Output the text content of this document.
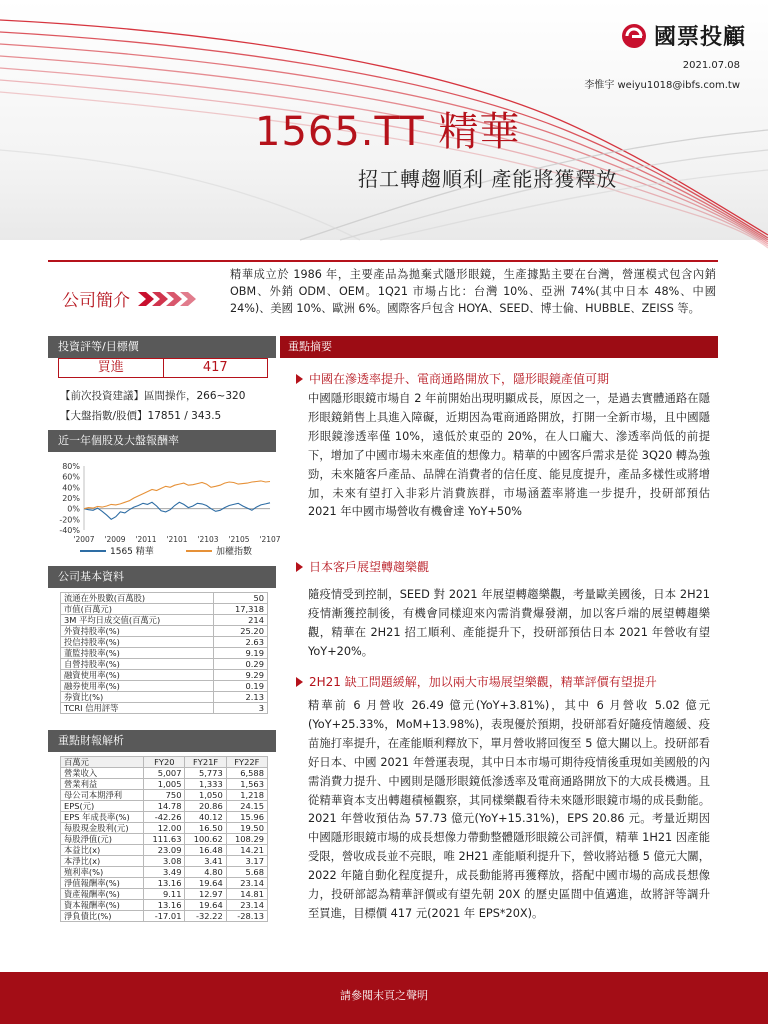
國票投顧
2021.07.08
李惟宇 weiyu1018@ibfs.com.tw
1565.TT 精華
招工轉趨順利 產能將獲釋放
公司簡介
精華成立於 1986 年，主要產品為拋棄式隱形眼鏡，生產據點主要在台灣，營運模式包含內銷 OBM、外銷 ODM、OEM。1Q21 市場占比：台灣 10%、亞洲 74%(其中日本 48%、中國 24%)、美國 10%、歐洲 6%。國際客戶包含 HOYA、SEED、博士倫、HUBBLE、ZEISS 等。
投資評等/目標價
買進	417
【前次投資建議】區間操作，266~320
【大盤指數/股價】17851 / 343.5
近一年個股及大盤報酬率
80%
60%
40%
20%
0%
-20%
-40%
'2007 '2009 '2011 '2101 '2103 '2105 '2107
1565 精華	加權指數
公司基本資料
流通在外股數(百萬股)	50
市值(百萬元)	17,318
3M 平均日成交值(百萬元)	214
外資持股率(%)	25.20
投信持股率(%)	2.63
董監持股率(%)	9.19
自營持股率(%)	0.29
融資使用率(%)	9.29
融券使用率(%)	0.19
券資比(%)	2.13
TCRI 信用評等	3
重點財報解析
百萬元	FY20	FY21F	FY22F
營業收入	5,007	5,773	6,588
營業利益	1,005	1,333	1,563
母公司本期淨利	750	1,050	1,218
EPS(元)	14.78	20.86	24.15
EPS 年成長率(%)	-42.26	40.12	15.96
每股現金股利(元)	12.00	16.50	19.50
每股淨值(元)	111.63	100.62	108.29
本益比(x)	23.09	16.48	14.21
本淨比(x)	3.08	3.41	3.17
殖利率(%)	3.49	4.80	5.68
淨值報酬率(%)	13.16	19.64	23.14
資產報酬率(%)	9.11	12.97	14.81
資本報酬率(%)	13.16	19.64	23.14
淨負債比(%)	-17.01	-32.22	-28.13
重點摘要
中國在滲透率提升、電商通路開放下，隱形眼鏡產值可期
中國隱形眼鏡市場自 2 年前開始出現明顯成長，原因之一，是過去實體通路在隱形眼鏡銷售上具進入障礙，近期因為電商通路開放，打開一全新市場，且中國隱形眼鏡滲透率僅 10%，遠低於東亞的 20%，在人口龐大、滲透率尚低的前提下，增加了中國市場未來產值的想像力。精華的中國客戶需求是從 3Q20 轉為強勁，未來隨客戶產品、品牌在消費者的信任度、能見度提升，產品多樣性或將增加，未來有望打入非彩片消費族群，市場涵蓋率將進一步提升，投研部預估 2021 年中國市場營收有機會達 YoY+50%
日本客戶展望轉趨樂觀
隨疫情受到控制，SEED 對 2021 年展望轉趨樂觀，考量歐美國後，日本 2H21 疫情漸獲控制後，有機會同樣迎來內需消費爆發潮，加以客戶端的展望轉趨樂觀，精華在 2H21 招工順利、產能提升下，投研部預估日本 2021 年營收有望 YoY+20%。
2H21 缺工問題緩解，加以兩大市場展望樂觀，精華評價有望提升
精華前 6 月營收 26.49 億元(YoY+3.81%)，其中 6 月營收 5.02 億元(YoY+25.33%，MoM+13.98%)，表現優於預期，投研部看好隨疫情趨緩、疫苗施打率提升，在產能順利釋放下，單月營收將回復至 5 億大關以上。投研部看好日本、中國 2021 年營運表現，其中日本市場可期待疫情後重現如美國般的內需消費力提升、中國則是隱形眼鏡低滲透率及電商通路開放下的大成長機遇。且從精華資本支出轉趨積極觀察，其同樣樂觀看待未來隱形眼鏡市場的成長動能。2021 年營收預估為 57.73 億元(YoY+15.31%)，EPS 20.86 元。考量近期因中國隱形眼鏡市場的成長想像力帶動整體隱形眼鏡公司評價，精華 1H21 因產能受限，營收成長並不亮眼，唯 2H21 產能順利提升下，營收將站穩 5 億元大關，2022 年隨自動化程度提升，成長動能將再獲釋放，搭配中國市場的高成長想像力，投研部認為精華評價或有望先朝 20X 的歷史區間中值邁進，故將評等調升至買進，目標價 417 元(2021 年 EPS*20X)。
請參閱末頁之聲明
